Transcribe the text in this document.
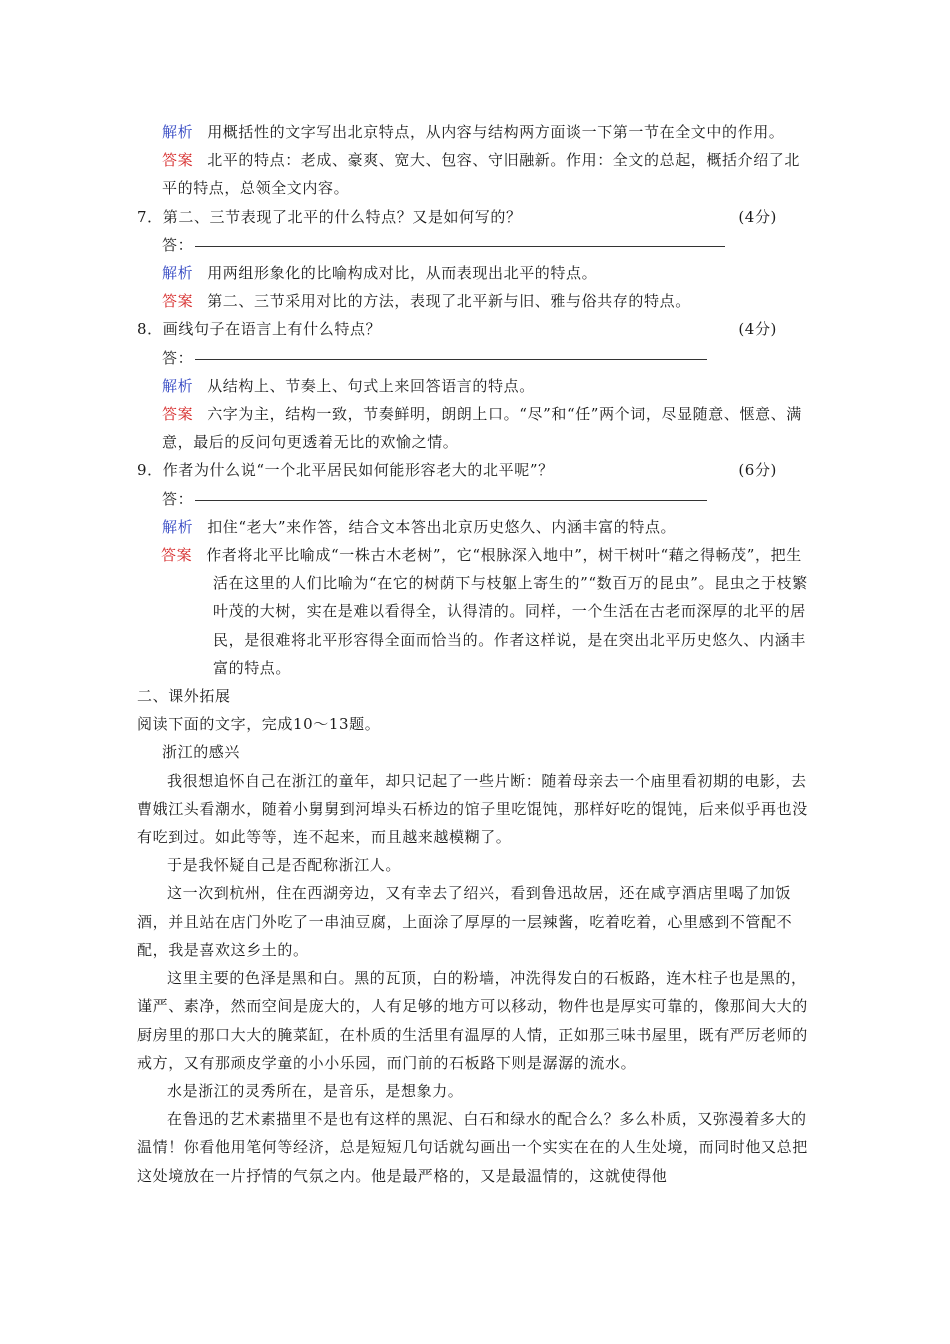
解析 用概括性的文字写出北京特点，从内容与结构两方面谈一下第一节在全文中的作用。
答案 北平的特点：老成、豪爽、宽大、包容、守旧融新。作用：全文的总起，概括介绍了北平的特点，总领全文内容。
7．第二、三节表现了北平的什么特点？又是如何写的？	(4分)
答：
解析 用两组形象化的比喻构成对比，从而表现出北平的特点。
答案 第二、三节采用对比的方法，表现了北平新与旧、雅与俗共存的特点。
8．画线句子在语言上有什么特点？	(4分)
答：
解析 从结构上、节奏上、句式上来回答语言的特点。
答案 六字为主，结构一致，节奏鲜明，朗朗上口。“尽”和“任”两个词，尽显随意、惬意、满意，最后的反问句更透着无比的欢愉之情。
9．作者为什么说“一个北平居民如何能形容老大的北平呢”？	(6分)
答：
解析 扣住“老大”来作答，结合文本答出北京历史悠久、内涵丰富的特点。
答案 作者将北平比喻成“一株古木老树”，它“根脉深入地中”，树干树叶“藉之得畅茂”，把生活在这里的人们比喻为“在它的树荫下与枝躯上寄生的”“数百万的昆虫”。昆虫之于枝繁叶茂的大树，实在是难以看得全，认得清的。同样，一个生活在古老而深厚的北平的居民，是很难将北平形容得全面而恰当的。作者这样说，是在突出北平历史悠久、内涵丰富的特点。
二、课外拓展
阅读下面的文字，完成10～13题。
浙江的感兴
我很想追怀自己在浙江的童年，却只记起了一些片断：随着母亲去一个庙里看初期的电影，去曹娥江头看潮水，随着小舅舅到河埠头石桥边的馆子里吃馄饨，那样好吃的馄饨，后来似乎再也没有吃到过。如此等等，连不起来，而且越来越模糊了。
于是我怀疑自己是否配称浙江人。
这一次到杭州，住在西湖旁边，又有幸去了绍兴，看到鲁迅故居，还在咸亨酒店里喝了加饭酒，并且站在店门外吃了一串油豆腐，上面涂了厚厚的一层辣酱，吃着吃着，心里感到不管配不配，我是喜欢这乡土的。
这里主要的色泽是黑和白。黑的瓦顶，白的粉墙，冲洗得发白的石板路，连木柱子也是黑的，谨严、素净，然而空间是庞大的，人有足够的地方可以移动，物件也是厚实可靠的，像那间大大的厨房里的那口大大的腌菜缸，在朴质的生活里有温厚的人情，正如那三味书屋里，既有严厉老师的戒方，又有那顽皮学童的小小乐园，而门前的石板路下则是潺潺的流水。
水是浙江的灵秀所在，是音乐，是想象力。
在鲁迅的艺术素描里不是也有这样的黑泥、白石和绿水的配合么？多么朴质，又弥漫着多大的温情！你看他用笔何等经济，总是短短几句话就勾画出一个实实在在的人生处境，而同时他又总把这处境放在一片抒情的气氛之内。他是最严格的，又是最温情的，这就使得他
